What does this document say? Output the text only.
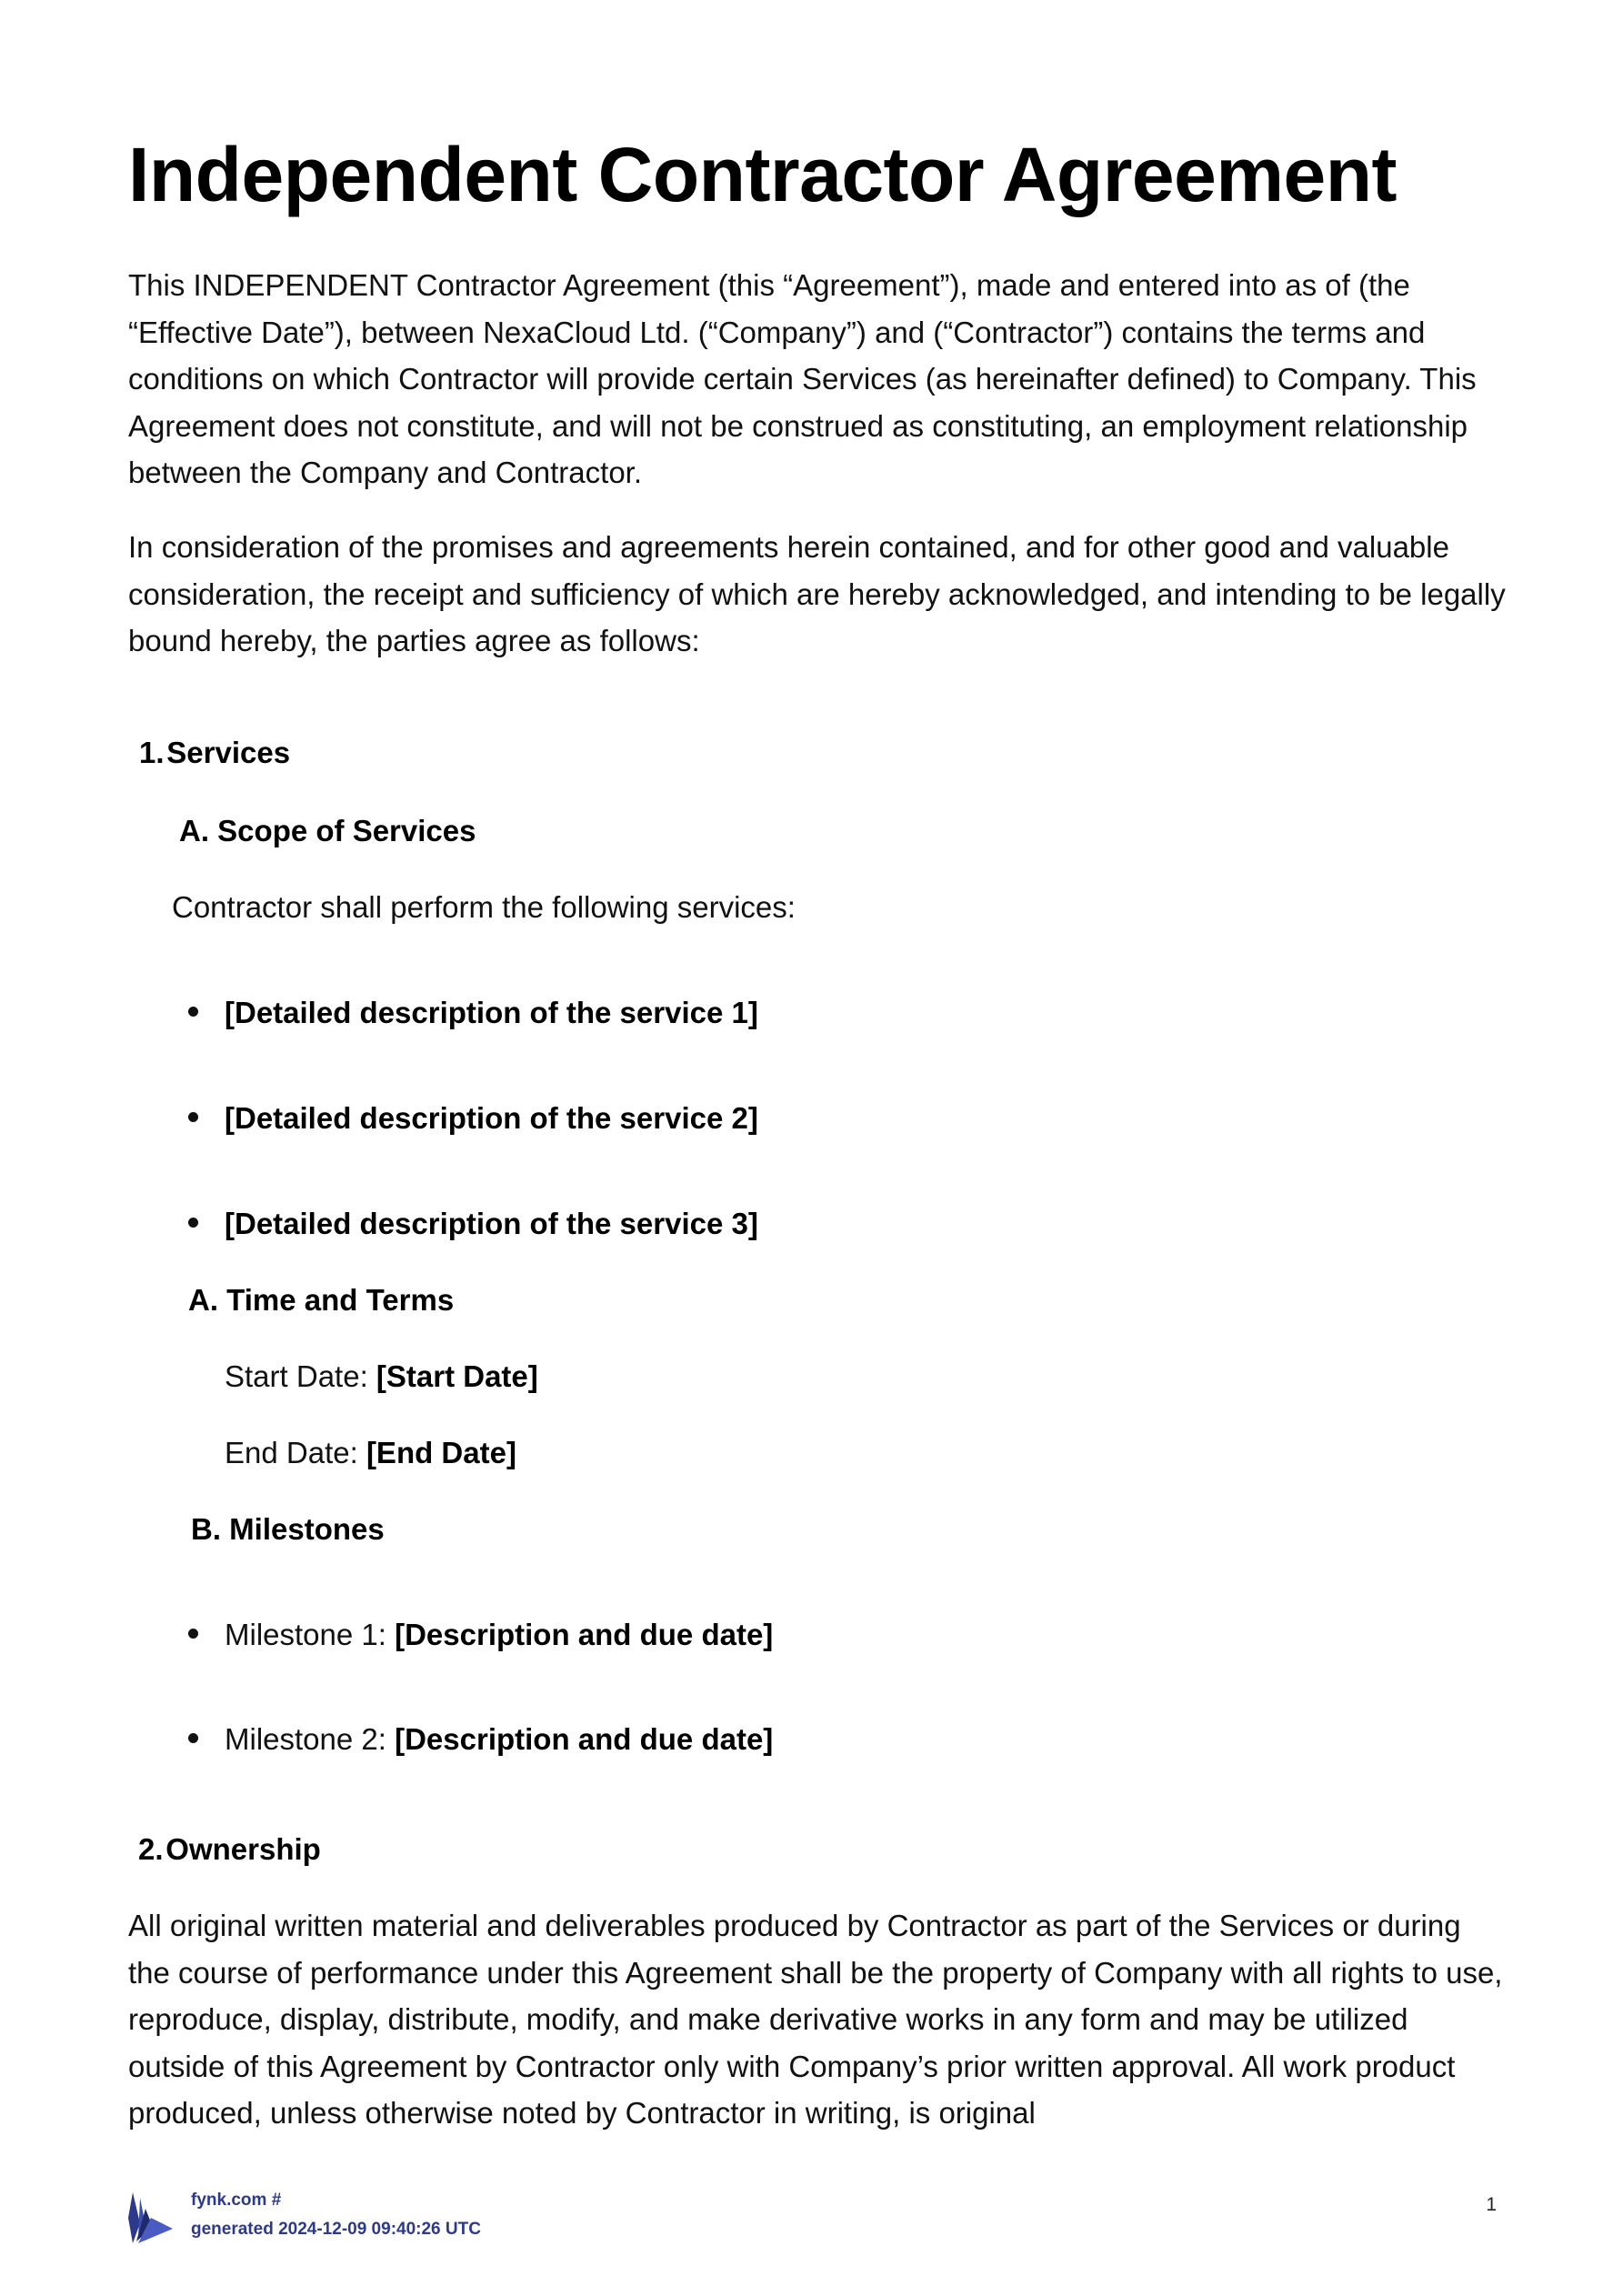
Independent Contractor Agreement

This INDEPENDENT Contractor Agreement (this “Agreement”), made and entered into as of (the “Effective Date”), between NexaCloud Ltd. (“Company”) and (“Contractor”) contains the terms and conditions on which Contractor will provide certain Services (as hereinafter defined) to Company. This Agreement does not constitute, and will not be construed as constituting, an employment relationship between the Company and Contractor.

In consideration of the promises and agreements herein contained, and for other good and valuable consideration, the receipt and sufficiency of which are hereby acknowledged, and intending to be legally bound hereby, the parties agree as follows:

1. Services
A. Scope of Services

Contractor shall perform the following services:

[Detailed description of the service 1]

[Detailed description of the service 2]

[Detailed description of the service 3]

A. Time and Terms

Start Date: [Start Date]

End Date: [End Date]

B. Milestones

Milestone 1: [Description and due date]

Milestone 2: [Description and due date]

2. Ownership

All original written material and deliverables produced by Contractor as part of the Services or during the course of performance under this Agreement shall be the property of Company with all rights to use, reproduce, display, distribute, modify, and make derivative works in any form and may be utilized outside of this Agreement by Contractor only with Company’s prior written approval. All work product produced, unless otherwise noted by Contractor in writing, is original

fynk.com #
generated 2024-12-09 09:40:26 UTC
1
